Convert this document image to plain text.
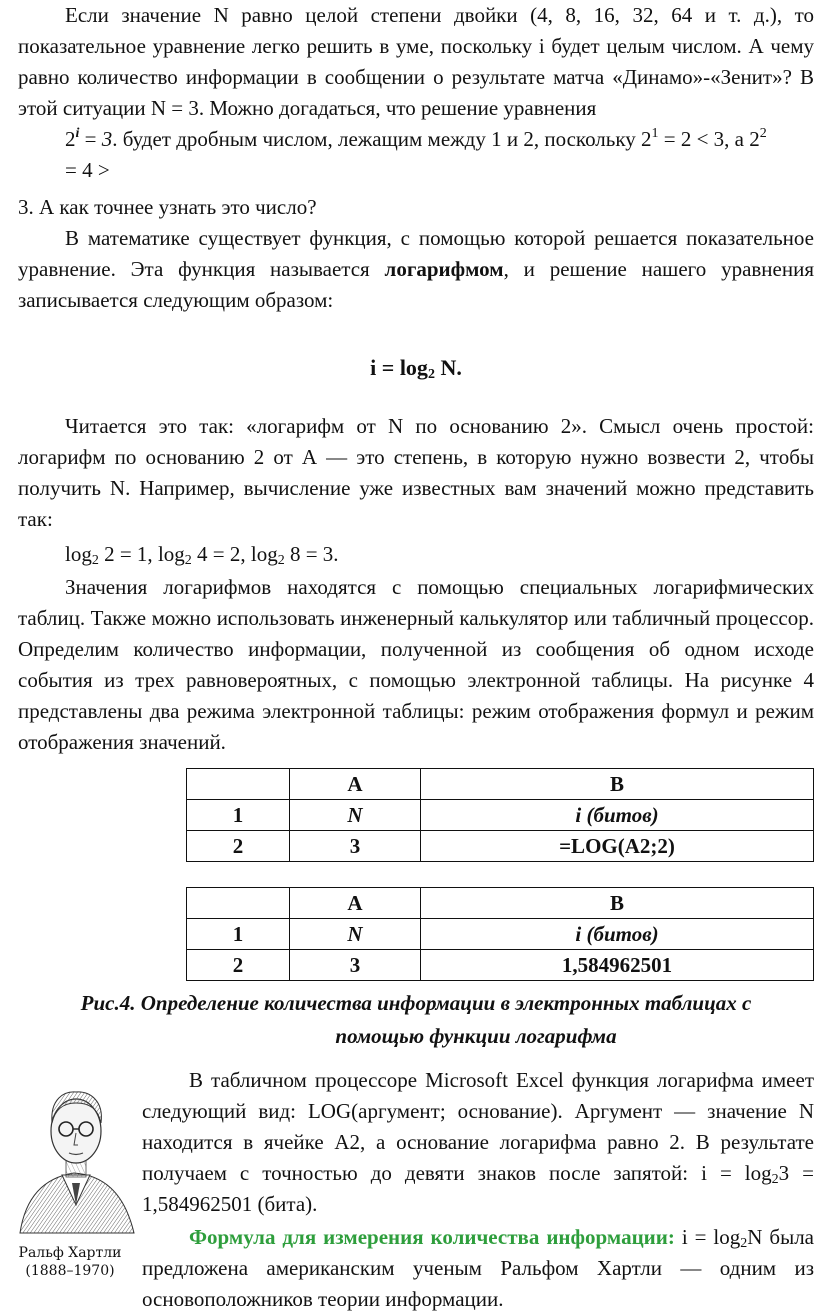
Если значение N равно целой степени двойки (4, 8, 16, 32, 64 и т. д.), то показательное уравнение легко решить в уме, поскольку i будет целым числом. А чему равно количество информации в сообщении о результате матча «Динамо»-«Зенит»? В этой ситуации N = 3. Можно догадаться, что решение уравнения

$2^i = 3$. будет дробным числом, лежащим между 1 и 2, поскольку $2^1 = 2 < 3$, а $2^2$
= 4 >

3. А как точнее узнать это число?

В математике существует функция, с помощью которой решается показательное уравнение. Эта функция называется логарифмом, и решение нашего уравнения записывается следующим образом:

$i = \log_2 N$.

Читается это так: «логарифм от N по основанию 2». Смысл очень простой: логарифм по основанию 2 от А — это степень, в которую нужно возвести 2, чтобы получить N. Например, вычисление уже известных вам значений можно представить так:

$\log_2 2 = 1$, $\log_2 4 = 2$, $\log_2 8 = 3$.

Значения логарифмов находятся с помощью специальных логарифмических таблиц. Также можно использовать инженерный калькулятор или табличный процессор. Определим количество информации, полученной из сообщения об одном исходе события из трех равновероятных, с помощью электронной таблицы. На рисунке 4 представлены два режима электронной таблицы: режим отображения формул и режим отображения значений.

	A	B
1	N	i (битов)
2	3	=LOG(A2;2)
	A	B
1	N	i (битов)
2	3	1,584962501
Рис.4. Определение количества информации в электронных таблицах с
помощью функции логарифма
Ральф Хартли
(1888–1970)

В табличном процессоре Microsoft Excel функция логарифма имеет следующий вид: LOG(аргумент; основание). Аргумент — значение N находится в ячейке A2, а основание логарифма равно 2. В результате получаем с точностью до девяти знаков после запятой: $i = \log_23 = 1,584962501$ (бита).

Формула для измерения количества информации: $i = \log_2N$ была предложена американским ученым Ральфом Хартли — одним из основоположников теории информации.
